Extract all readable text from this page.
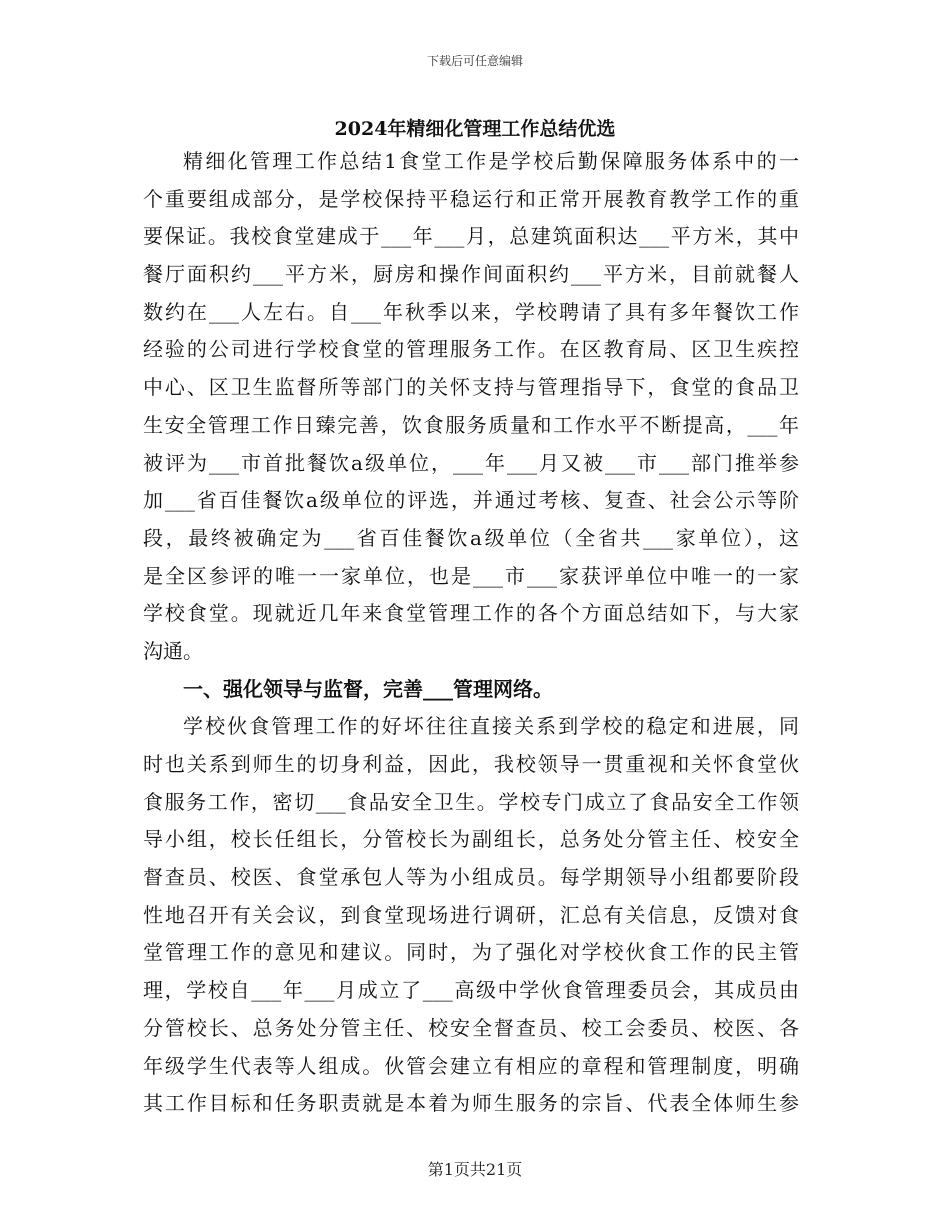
下载后可任意编辑
2024年精细化管理工作总结优选
精细化管理工作总结1食堂工作是学校后勤保障服务体系中的一
个重要组成部分，是学校保持平稳运行和正常开展教育教学工作的重
要保证。我校食堂建成于___年___月，总建筑面积达___平方米，其中
餐厅面积约___平方米，厨房和操作间面积约___平方米，目前就餐人
数约在___人左右。自___年秋季以来，学校聘请了具有多年餐饮工作
经验的公司进行学校食堂的管理服务工作。在区教育局、区卫生疾控
中心、区卫生监督所等部门的关怀支持与管理指导下，食堂的食品卫
生安全管理工作日臻完善，饮食服务质量和工作水平不断提高，___年
被评为___市首批餐饮a级单位，___年___月又被___市___部门推举参
加___省百佳餐饮a级单位的评选，并通过考核、复查、社会公示等阶
段，最终被确定为___省百佳餐饮a级单位（全省共___家单位），这
是全区参评的唯一一家单位，也是___市___家获评单位中唯一的一家
学校食堂。现就近几年来食堂管理工作的各个方面总结如下，与大家
沟通。
一、强化领导与监督，完善___管理网络。
学校伙食管理工作的好坏往往直接关系到学校的稳定和进展，同
时也关系到师生的切身利益，因此，我校领导一贯重视和关怀食堂伙
食服务工作，密切___食品安全卫生。学校专门成立了食品安全工作领
导小组，校长任组长，分管校长为副组长，总务处分管主任、校安全
督查员、校医、食堂承包人等为小组成员。每学期领导小组都要阶段
性地召开有关会议，到食堂现场进行调研，汇总有关信息，反馈对食
堂管理工作的意见和建议。同时，为了强化对学校伙食工作的民主管
理，学校自___年___月成立了___高级中学伙食管理委员会，其成员由
分管校长、总务处分管主任、校安全督查员、校工会委员、校医、各
年级学生代表等人组成。伙管会建立有相应的章程和管理制度，明确
其工作目标和任务职责就是本着为师生服务的宗旨、代表全体师生参
第1页共21页
